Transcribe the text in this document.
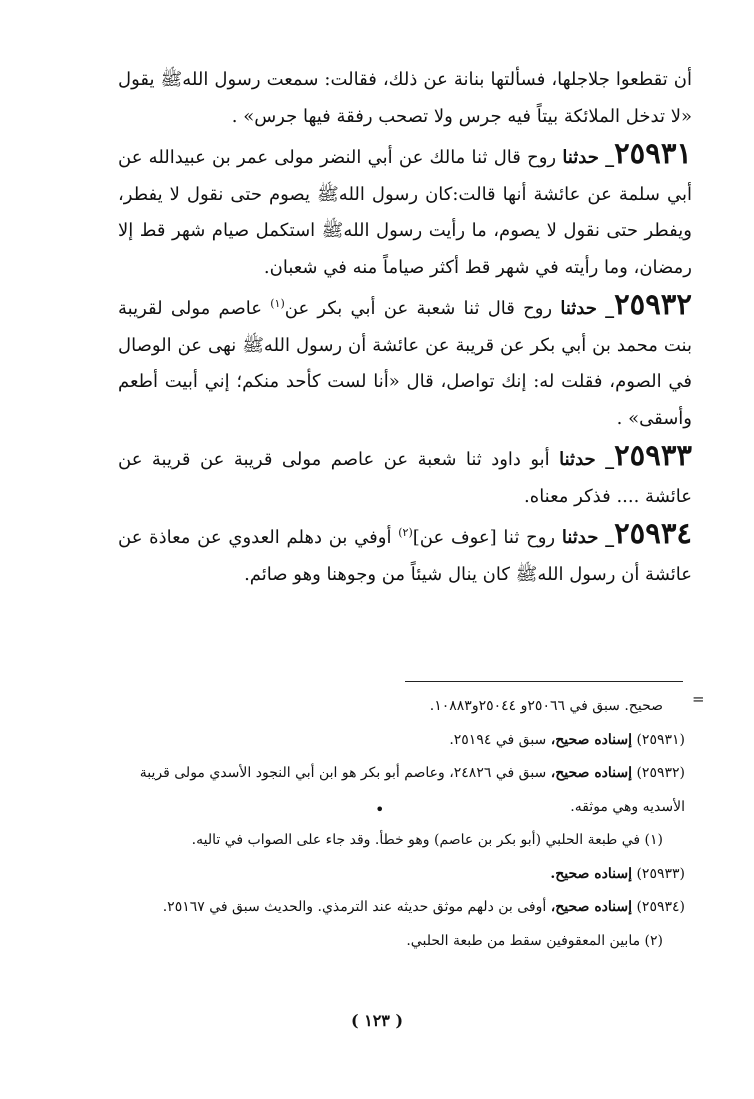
أن تقطعوا جلاجلها، فسألتها بنانة عن ذلك، فقالت: سمعت رسول اللهﷺ يقول «لا تدخل الملائكة بيتاً فيه جرس ولا تصحب رفقة فيها جرس» .

٢٥٩٣١_ حدثنا روح قال ثنا مالك عن أبي النضر مولى عمر بن عبيدالله عن أبي سلمة عن عائشة أنها قالت:كان رسول اللهﷺ يصوم حتى نقول لا يفطر، ويفطر حتى نقول لا يصوم، ما رأيت رسول اللهﷺ استكمل صيام شهر قط إلا رمضان، وما رأيته في شهر قط أكثر صياماً منه في شعبان.

٢٥٩٣٢_ حدثنا روح قال ثنا شعبة عن أبي بكر عن$^{(١)}$ عاصم مولى لقريبة بنت محمد بن أبي بكر عن قريبة عن عائشة أن رسول اللهﷺ نهى عن الوصال في الصوم، فقلت له: إنك تواصل، قال «أنا لست كأحد منكم؛ إني أبيت أطعم وأسقى» .

٢٥٩٣٣_ حدثنا أبو داود ثنا شعبة عن عاصم مولى قريبة عن قريبة عن عائشة .... فذكر معناه.

٢٥٩٣٤_ حدثنا روح ثنا [عوف عن]$^{(٢)}$ أوفي بن دهلم العدوي عن معاذة عن عائشة أن رسول اللهﷺ كان ينال شيئاً من وجوهنا وهو صائم.

=
•

صحيح. سبق في ٢٥٠٦٦و ٢٥٠٤٤و١٠٨٨٣.

(٢٥٩٣١) إسناده صحيح، سبق في ٢٥١٩٤.

(٢٥٩٣٢) إسناده صحيح، سبق في ٢٤٨٢٦، وعاصم أبو بكر هو ابن أبي النجود الأسدي مولى قريبة الأسديه وهي موثقه.

(١) في طبعة الحلبي (أبو بكر بن عاصم) وهو خطأ. وقد جاء على الصواب في تاليه.

(٢٥٩٣٣) إسناده صحيح.

(٢٥٩٣٤) إسناده صحيح، أوفى بن دلهم موثق حديثه عند الترمذي. والحديث سبق في ٢٥١٦٧.

(٢) مابين المعقوفين سقط من طبعة الحلبي.

( ١٢٣ )
